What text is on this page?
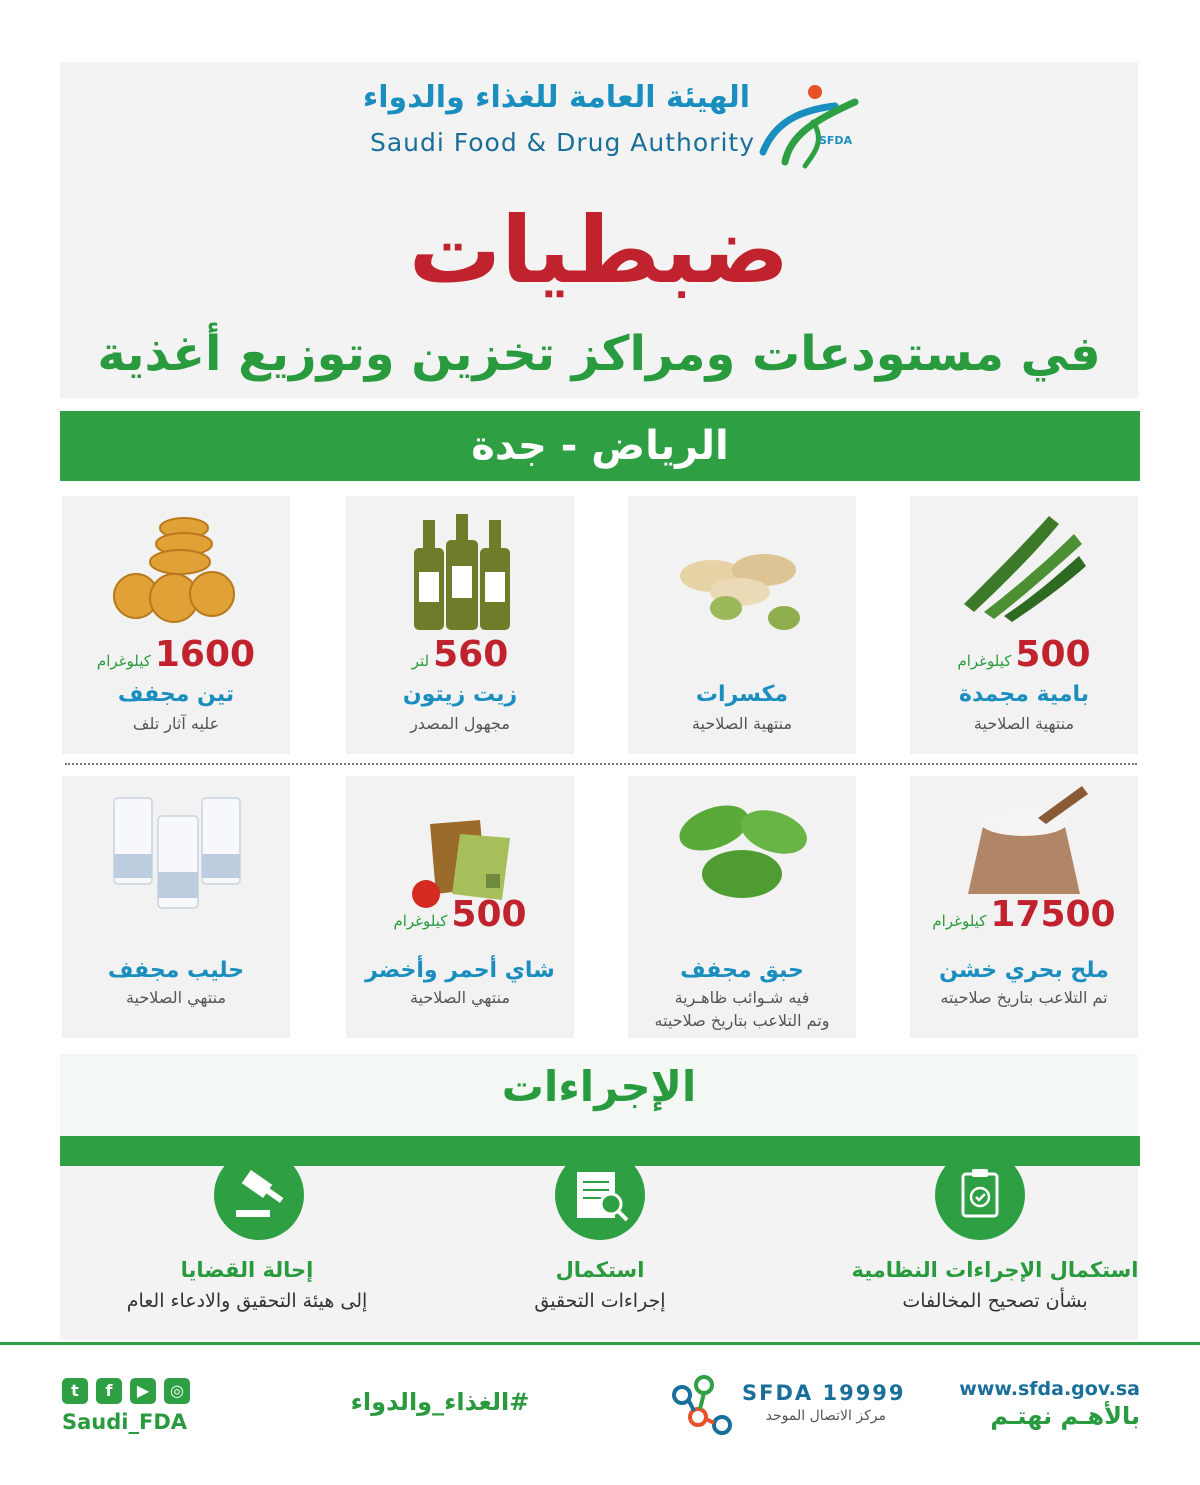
الهيئة العامة للغذاء والدواء
Saudi Food & Drug Authority	SFDA
ضبطيات
في مستودعات ومراكز تخزين وتوزيع أغذية
الرياض - جدة
500كيلوغرام
بامية مجمدة
منتهية الصلاحية
مكسرات
منتهية الصلاحية
560لتر
زيت زيتون
مجهول المصدر
1600كيلوغرام
تين مجفف
عليه آثار تلف
17500كيلوغرام
ملح بحري خشن
تم التلاعب بتاريخ صلاحيته
حبق مجفف
فيه شـوائب ظاهـرية
وتم التلاعب بتاريخ صلاحيته
500كيلوغرام
شاي أحمر وأخضر
منتهي الصلاحية
حليب مجفف
منتهي الصلاحية
الإجراءات
استكمال الإجراءات النظامية
بشأن تصحيح المخالفات
استكمال
إجراءات التحقيق
إحالة القضايا
إلى هيئة التحقيق والادعاء العام
t	f	▶	◎
Saudi_FDA
#الغذاء_والدواء	SFDA 19999
مركز الاتصال الموحد
www.sfda.gov.sa
بالأهـم نهتـم
